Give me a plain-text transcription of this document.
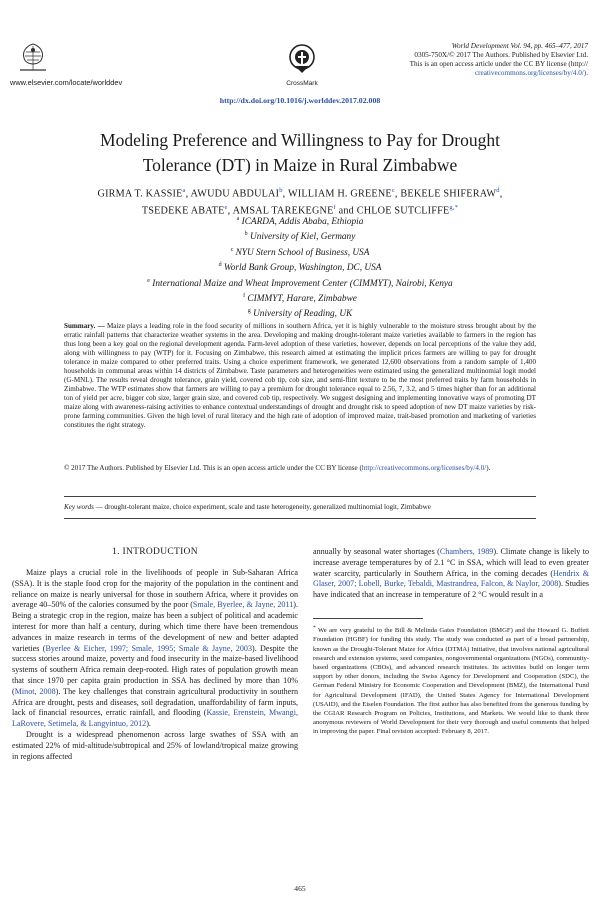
www.elsevier.com/locate/worlddev	CrossMark
World Development Vol. 94, pp. 465–477, 2017
0305-750X/© 2017 The Authors. Published by Elsevier Ltd.
This is an open access article under the CC BY license (http://
creativecommons.org/licenses/by/4.0/).
http://dx.doi.org/10.1016/j.worlddev.2017.02.008
Modeling Preference and Willingness to Pay for Drought
Tolerance (DT) in Maize in Rural Zimbabwe
GIRMA T. KASSIE$^a$, AWUDU ABDULAI$^b$, WILLIAM H. GREENE$^c$, BEKELE SHIFERAW$^d$,
TSEDEKE ABATE$^e$, AMSAL TAREKEGNE$^f$ and CHLOE $SUTCLIFFE^{g,*}$
$^a$ ICARDA, Addis Ababa, Ethiopia
$^b$ University of Kiel, Germany
$^c$ NYU Stern School of Business, USA
$^d$ World Bank Group, Washington, DC, USA
$^e$ International Maize and Wheat Improvement Center (CIMMYT), Nairobi, Kenya
$^f$ CIMMYT, Harare, Zimbabwe
$^g$ University of Reading, UK
Summary. — Maize plays a leading role in the food security of millions in southern Africa, yet it is highly vulnerable to the moisture stress brought about by the erratic rainfall patterns that characterize weather systems in the area. Developing and making drought-tolerant maize varieties available to farmers in the region has thus long been a key goal on the regional development agenda. Farm-level adoption of these varieties, however, depends on local perceptions of the value they add, along with willingness to pay (WTP) for it. Focusing on Zimbabwe, this research aimed at estimating the implicit prices farmers are willing to pay for drought tolerance in maize compared to other preferred traits. Using a choice experiment framework, we generated 12,600 observations from a random sample of 1,400 households in communal areas within 14 districts of Zimbabwe. Taste parameters and heterogeneities were estimated using the generalized multinomial logit model (G-MNL). The results reveal drought tolerance, grain yield, covered cob tip, cob size, and semi-flint texture to be the most preferred traits by farm households in Zimbabwe. The WTP estimates show that farmers are willing to pay a premium for drought tolerance equal to 2.56, 7, 3.2, and 5 times higher than for an additional ton of yield per acre, bigger cob size, larger grain size, and covered cob tip, respectively. We suggest designing and implementing innovative ways of promoting DT maize along with awareness-raising activities to enhance contextual understandings of drought and drought risk to speed adoption of new DT maize varieties by risk-prone farming communities. Given the high level of rural literacy and the high rate of adoption of improved maize, trait-based promotion and marketing of varieties constitutes the right strategy.
© 2017 The Authors. Published by Elsevier Ltd. This is an open access article under the CC BY license (http://creativecommons.org/licenses/by/4.0/).
Key words — drought-tolerant maize, choice experiment, scale and taste heterogeneity, generalized multinomial logit, Zimbabwe
1. INTRODUCTION

Maize plays a crucial role in the livelihoods of people in Sub-Saharan Africa (SSA). It is the staple food crop for the majority of the population in the continent and reliance on maize is nearly universal for those in southern Africa, where it provides on average 40–50% of the calories consumed by the poor (Smale, Byerlee, & Jayne, 2011). Being a strategic crop in the region, maize has been a subject of political and academic interest for more than half a century, during which time there have been tremendous advances in maize research in terms of the development of new and better adapted varieties (Byerlee & Eicher, 1997; Smale, 1995; Smale & Jayne, 2003). Despite the success stories around maize, poverty and food insecurity in the maize-based livelihood systems of southern Africa remain deep-rooted. High rates of population growth mean that since 1970 per capita grain production in SSA has declined by more than 10% (Minot, 2008). The key challenges that constrain agricultural productivity in southern Africa are drought, pests and diseases, soil degradation, unaffordability of farm inputs, lack of financial resources, erratic rainfall, and flooding (Kassie, Erenstein, Mwangi, LaRovere, Setimela, & Langyintuo, 2012).

Drought is a widespread phenomenon across large swathes of SSA with an estimated 22% of mid-altitude/subtropical and 25% of lowland/tropical maize growing in regions affected

annually by seasonal water shortages (Chambers, 1989). Climate change is likely to increase average temperatures by of 2.1 °C in SSA, which will lead to even greater water scarcity, particularly in Southern Africa, in the coming decades (Hendrix & Glaser, 2007; Lobell, Burke, Tebaldi, Mastrandrea, Falcon, & Naylor, 2008). Studies have indicated that an increase in temperature of 2 °C would result in a

* We are very grateful to the Bill & Melinda Gates Foundation (BMGF) and the Howard G. Buffett Foundation (HGBF) for funding this study. The study was conducted as part of a broad partnership, known as the Drought-Tolerant Maize for Africa (DTMA) Initiative, that involves national agricultural research and extension systems, seed companies, nongovernmental organizations (NGOs), community-based organizations (CBOs), and advanced research institutes. Its activities build on longer term support by other donors, including the Swiss Agency for Development and Cooperation (SDC), the German Federal Ministry for Economic Cooperation and Development (BMZ), the International Fund for Agricultural Development (IFAD), the United States Agency for International Development (USAID), and the Eiselen Foundation. The first author has also benefited from the generous funding by the CGIAR Research Program on Policies, Institutions, and Markets. We would like to thank three anonymous reviewers of World Development for their very thorough and useful comments that helped in improving the paper. Final revision accepted: February 8, 2017.
465
